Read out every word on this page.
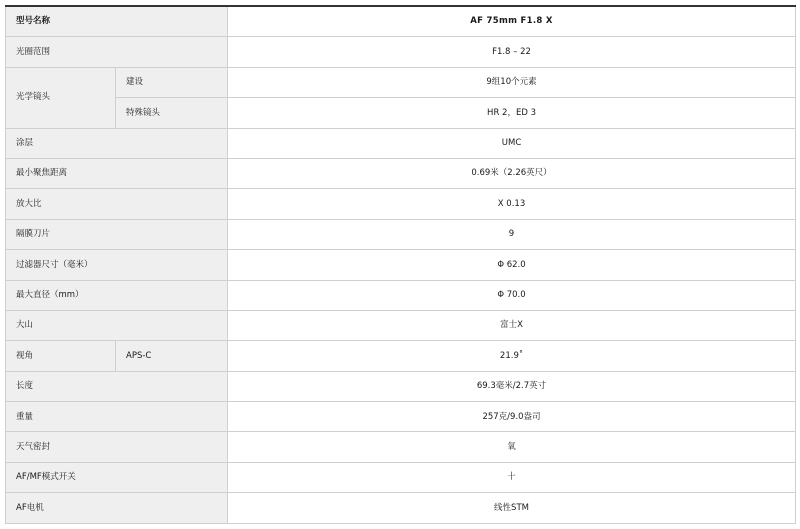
型号名称		AF 75mm F1.8 X
光圈范围		F1.8 – 22
光学镜头	建设	9组10个元素
	特殊镜头	HR 2，ED 3
涂层		UMC
最小聚焦距离		0.69米（2.26英尺）
放大比		X 0.13
隔膜刀片		9
过滤器尺寸（毫米）		Φ 62.0
最大直径（mm）		Φ 70.0
大山		富士X
视角	APS-C	21.9˚
长度		69.3毫米/2.7英寸
重量		257克/9.0盎司
天气密封		氧
AF/MF模式开关		十
AF电机		线性STM
